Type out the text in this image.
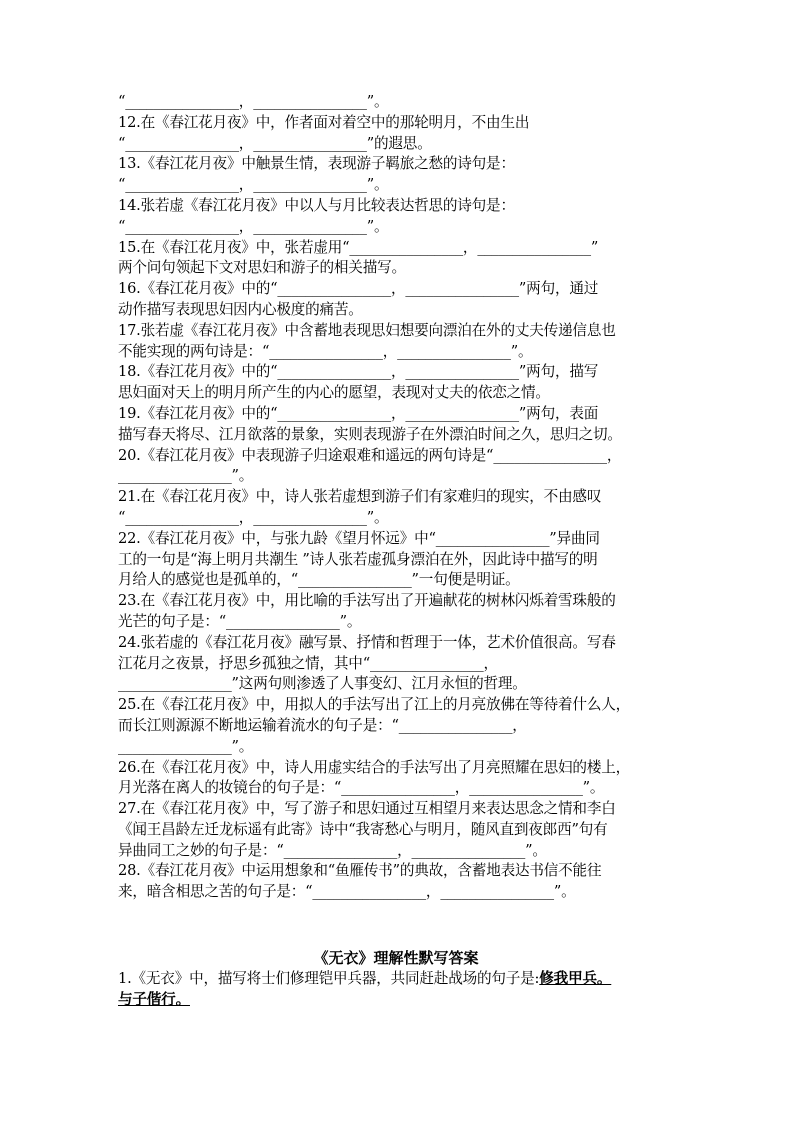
“________________，________________”。
12.在《春江花月夜》中，作者面对着空中的那轮明月，不由生出
“________________，________________”的遐思。
13.《春江花月夜》中触景生情，表现游子羁旅之愁的诗句是：
“________________，________________”。
14.张若虚《春江花月夜》中以人与月比较表达哲思的诗句是：
“________________，________________”。
15.在《春江花月夜》中，张若虚用“________________，________________”
两个问句领起下文对思妇和游子的相关描写。
16.《春江花月夜》中的“________________，________________”两句，通过
动作描写表现思妇因内心极度的痛苦。
17.张若虚《春江花月夜》中含蓄地表现思妇想要向漂泊在外的丈夫传递信息也
不能实现的两句诗是：“________________，________________”。
18.《春江花月夜》中的“________________，________________”两句，描写
思妇面对天上的明月所产生的内心的愿望，表现对丈夫的依恋之情。
19.《春江花月夜》中的“________________，________________”两句，表面
描写春天将尽、江月欲落的景象，实则表现游子在外漂泊时间之久，思归之切。
20.《春江花月夜》中表现游子归途艰难和遥远的两句诗是“________________，
________________”。
21.在《春江花月夜》中，诗人张若虚想到游子们有家难归的现实，不由感叹
“________________，________________”。
22.《春江花月夜》中，与张九龄《望月怀远》中“________________”异曲同
工的一句是“海上明月共潮生 ”诗人张若虚孤身漂泊在外，因此诗中描写的明
月给人的感觉也是孤单的，“________________”一句便是明证。
23.在《春江花月夜》中，用比喻的手法写出了开遍献花的树林闪烁着雪珠般的
光芒的句子是：“________________”。
24.张若虚的《春江花月夜》融写景、抒情和哲理于一体，艺术价值很高。写春
江花月之夜景，抒思乡孤独之情，其中“________________，
________________”这两句则渗透了人事变幻、江月永恒的哲理。
25.在《春江花月夜》中，用拟人的手法写出了江上的月亮放佛在等待着什么人，
而长江则源源不断地运输着流水的句子是：“________________，
________________”。
26.在《春江花月夜》中，诗人用虚实结合的手法写出了月亮照耀在思妇的楼上，
月光落在离人的妆镜台的句子是：“________________，________________”。
27.在《春江花月夜》中，写了游子和思妇通过互相望月来表达思念之情和李白
《闻王昌龄左迁龙标遥有此寄》诗中“我寄愁心与明月，随风直到夜郎西”句有
异曲同工之妙的句子是：“________________，________________”。
28.《春江花月夜》中运用想象和“鱼雁传书”的典故，含蓄地表达书信不能往
来，暗含相思之苦的句子是：“________________，________________”。
《无衣》理解性默写答案
1.《无衣》中，描写将士们修理铠甲兵器，共同赶赴战场的句子是:修我甲兵。
与子偕行。
